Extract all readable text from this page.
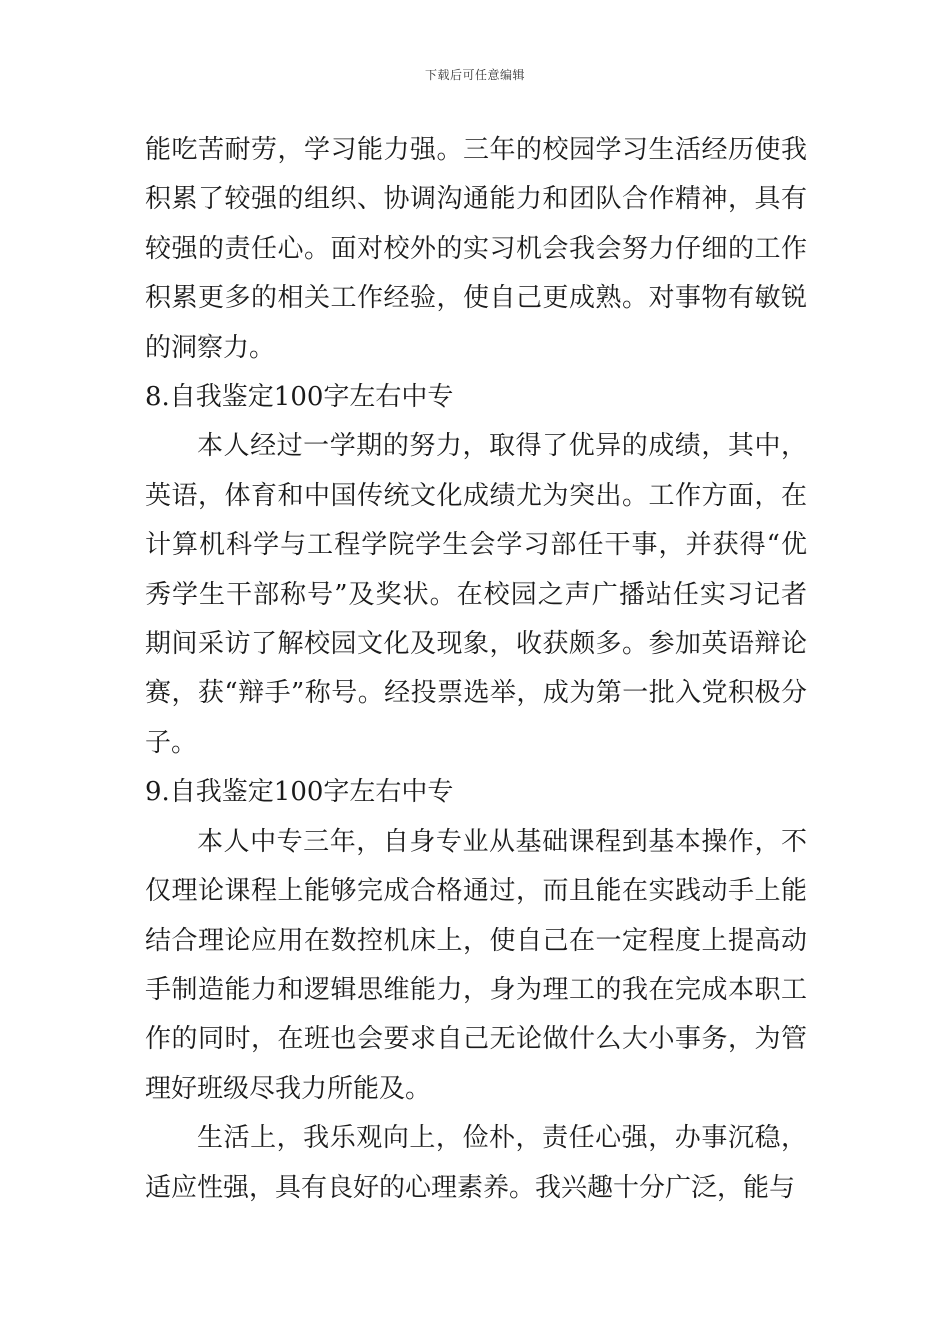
下载后可任意编辑

能吃苦耐劳，学习能力强。三年的校园学习生活经历使我积累了较强的组织、协调沟通能力和团队合作精神，具有较强的责任心。面对校外的实习机会我会努力仔细的工作积累更多的相关工作经验，使自己更成熟。对事物有敏锐的洞察力。

8.自我鉴定100字左右中专

本人经过一学期的努力，取得了优异的成绩，其中，英语，体育和中国传统文化成绩尤为突出。工作方面，在计算机科学与工程学院学生会学习部任干事，并获得“优秀学生干部称号”及奖状。在校园之声广播站任实习记者期间采访了解校园文化及现象，收获颇多。参加英语辩论赛，获“辩手”称号。经投票选举，成为第一批入党积极分子。

9.自我鉴定100字左右中专

本人中专三年，自身专业从基础课程到基本操作，不仅理论课程上能够完成合格通过，而且能在实践动手上能结合理论应用在数控机床上，使自己在一定程度上提高动手制造能力和逻辑思维能力，身为理工的我在完成本职工作的同时，在班也会要求自己无论做什么大小事务，为管理好班级尽我力所能及。

生活上，我乐观向上，俭朴，责任心强，办事沉稳，适应性强，具有良好的心理素养。我兴趣十分广泛，能与
